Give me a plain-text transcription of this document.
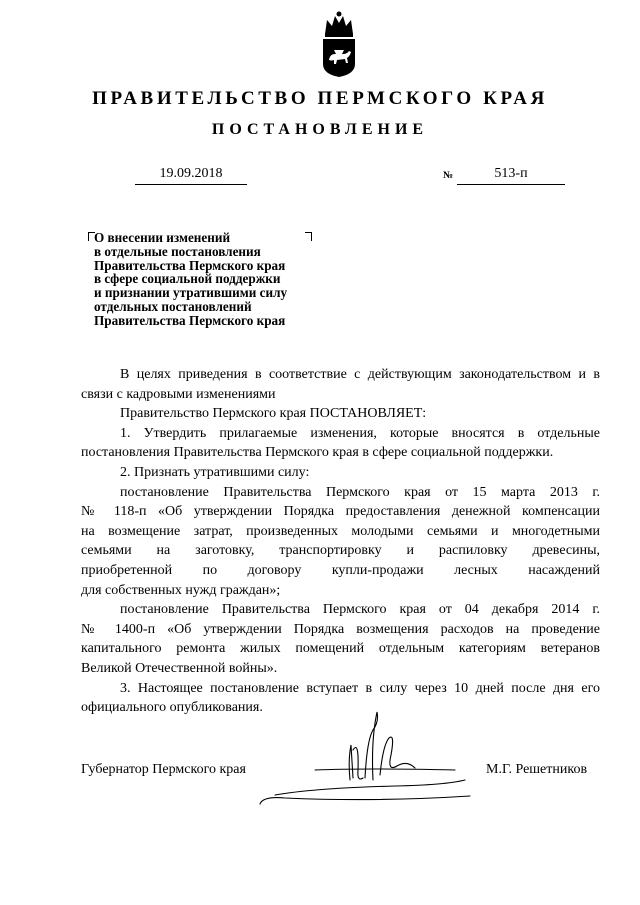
ПРАВИТЕЛЬСТВО ПЕРМСКОГО КРАЯ
ПОСТАНОВЛЕНИЕ
19.09.2018	№	513-п
О внесении изменений
в отдельные постановления
Правительства Пермского края
в сфере социальной поддержки
и признании утратившими силу
отдельных постановлений
Правительства Пермского края

В целях приведения в соответствие с действующим законодательством и в связи с кадровыми изменениями

Правительство Пермского края ПОСТАНОВЛЯЕТ:

1. Утвердить прилагаемые изменения, которые вносятся в отдельные постановления Правительства Пермского края в сфере социальной поддержки.

2. Признать утратившими силу:

постановление Правительства Пермского края от 15 марта 2013 г.

№ 118-п «Об утверждении Порядка предоставления денежной компенсации

на возмещение затрат, произведенных молодыми семьями и многодетными

семьями на заготовку, транспортировку и распиловку древесины,

приобретенной по договору купли-продажи лесных насаждений

для собственных нужд граждан»;

постановление Правительства Пермского края от 04 декабря 2014 г.

№ 1400-п «Об утверждении Порядка возмещения расходов на проведение

капитального ремонта жилых помещений отдельным категориям ветеранов

Великой Отечественной войны».

3. Настоящее постановление вступает в силу через 10 дней после дня его официального опубликования.

Губернатор Пермского края	М.Г. Решетников
